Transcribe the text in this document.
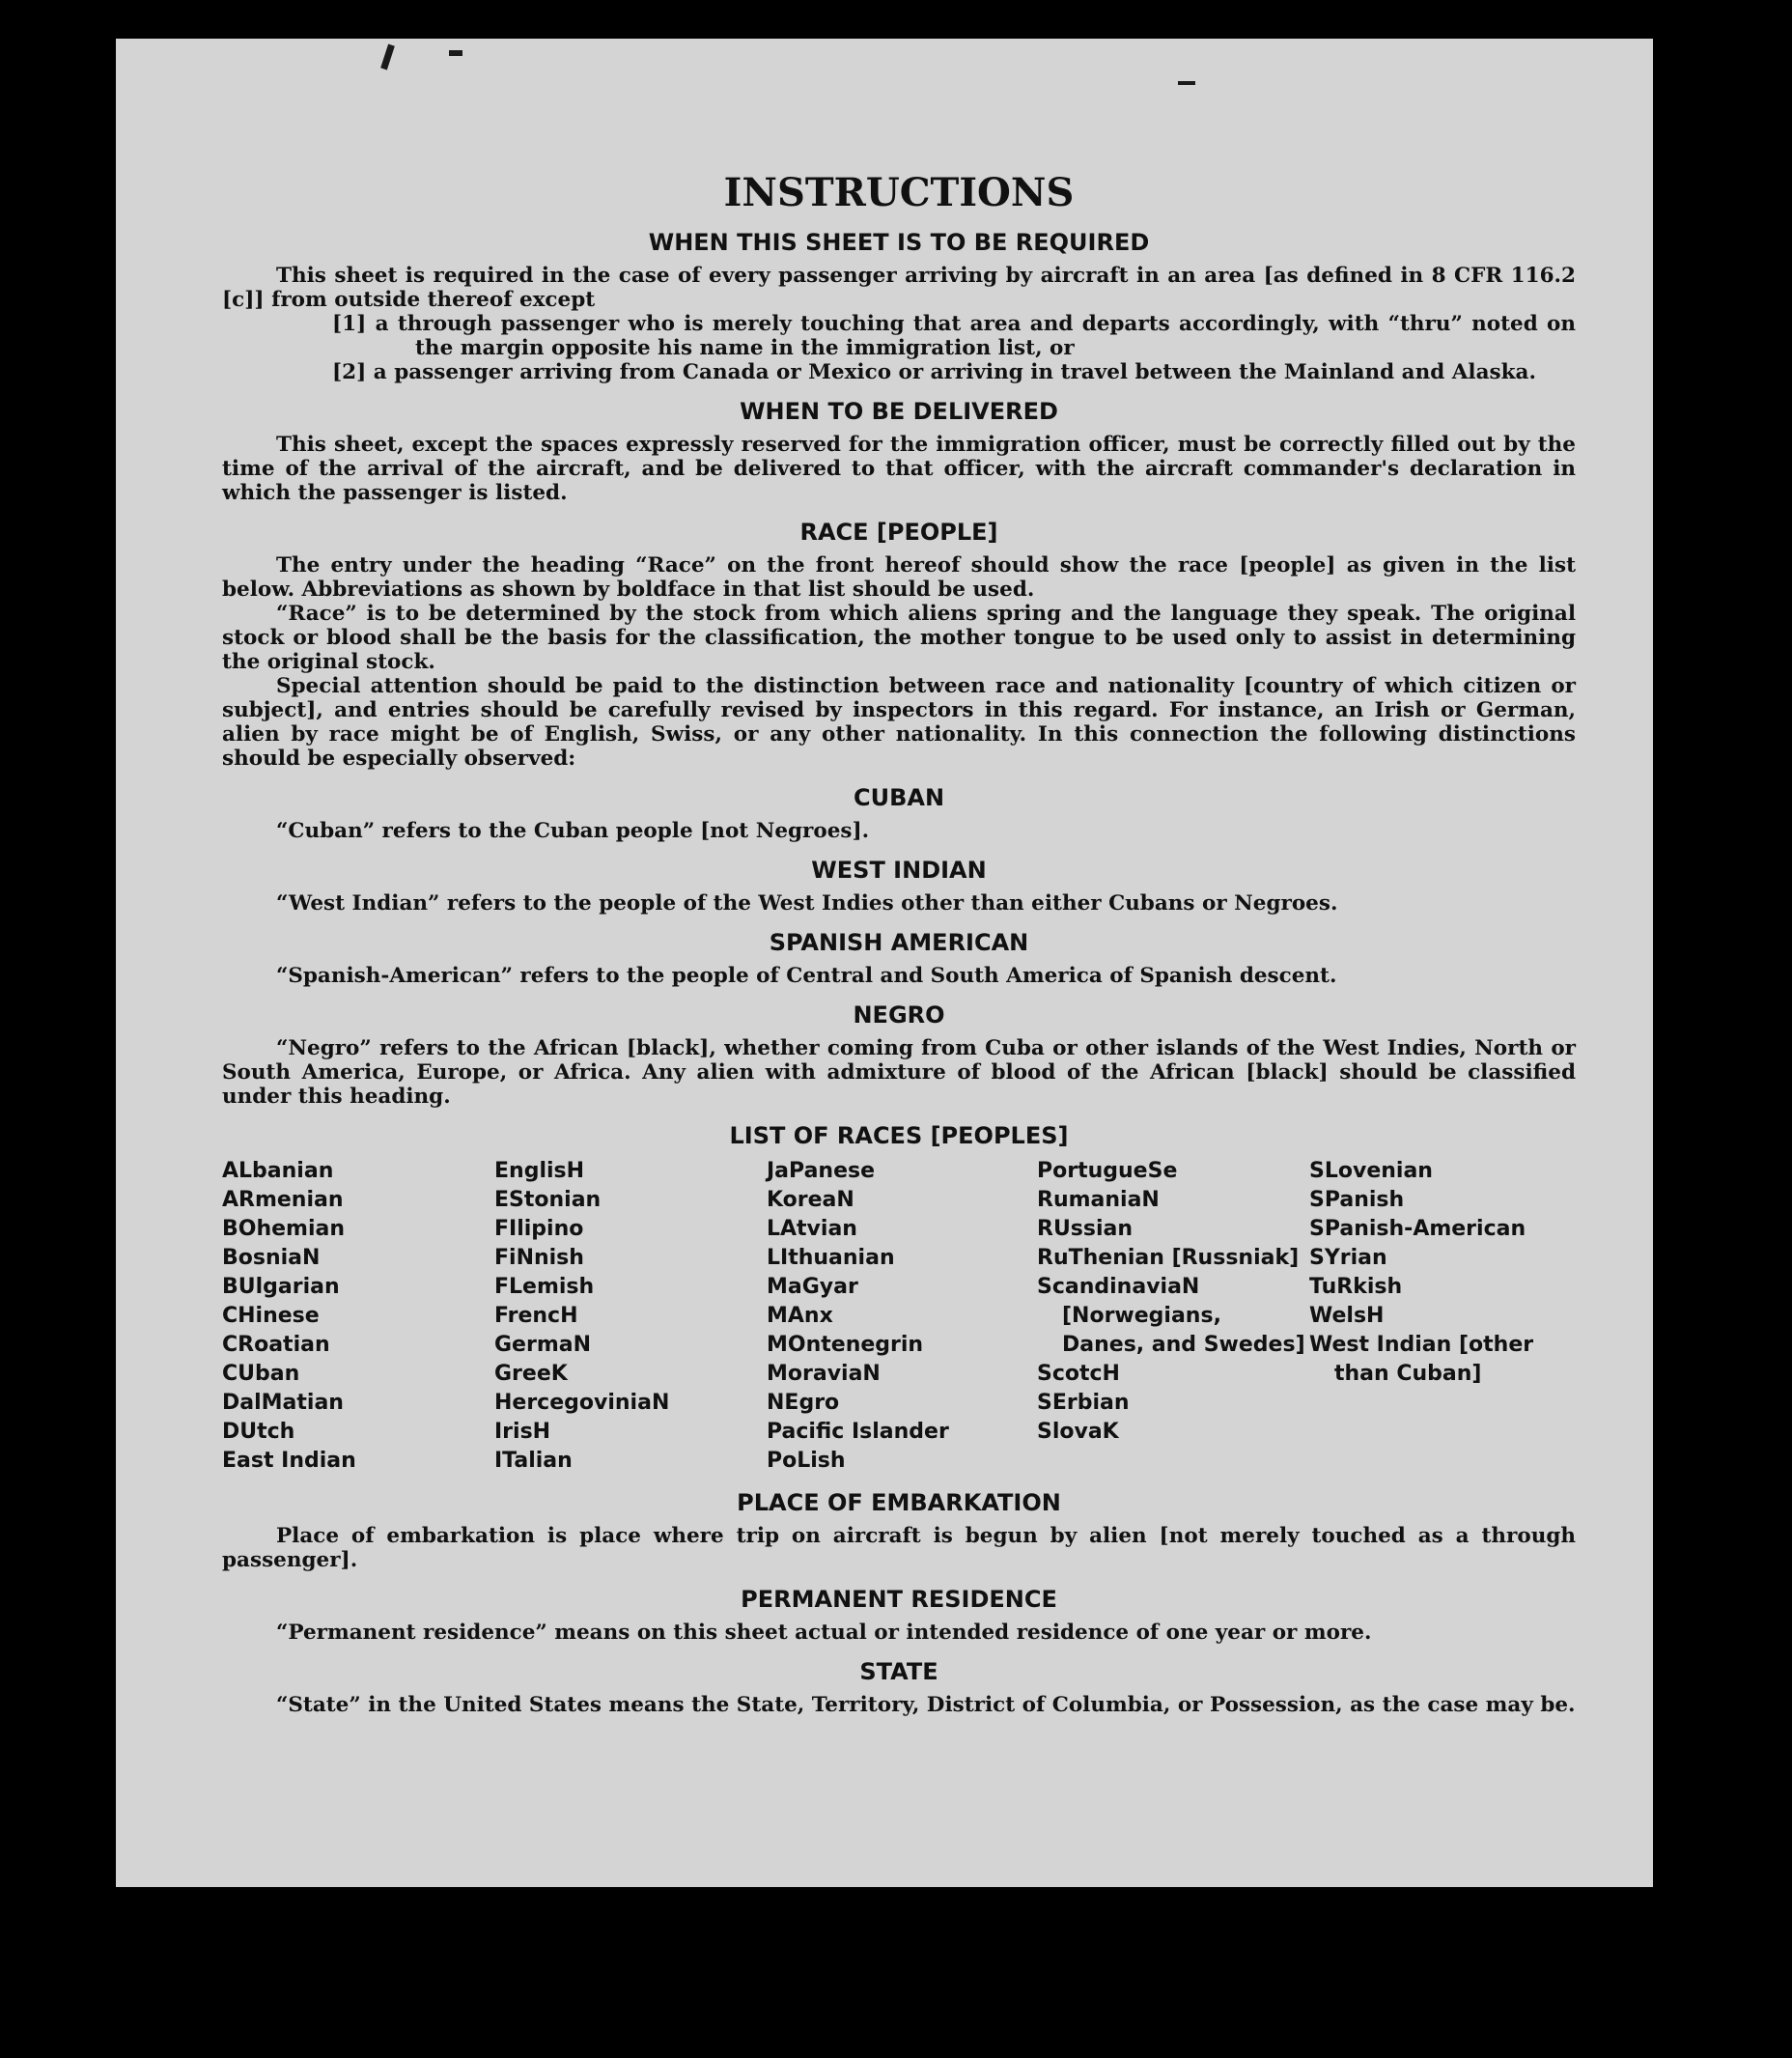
INSTRUCTIONS
WHEN THIS SHEET IS TO BE REQUIRED

This sheet is required in the case of every passenger arriving by aircraft in an area [as defined in 8 CFR 116.2 [c]] from outside thereof except

[1] a through passenger who is merely touching that area and departs accordingly, with “thru” noted on the margin opposite his name in the immigration list, or
[2] a passenger arriving from Canada or Mexico or arriving in travel between the Mainland and Alaska.
WHEN TO BE DELIVERED

This sheet, except the spaces expressly reserved for the immigration officer, must be correctly filled out by the time of the arrival of the aircraft, and be delivered to that officer, with the aircraft commander's declaration in which the passenger is listed.

RACE [PEOPLE]

The entry under the heading “Race” on the front hereof should show the race [people] as given in the list below. Abbreviations as shown by boldface in that list should be used.

“Race” is to be determined by the stock from which aliens spring and the language they speak. The original stock or blood shall be the basis for the classification, the mother tongue to be used only to assist in determining the original stock.

Special attention should be paid to the distinction between race and nationality [country of which citizen or subject], and entries should be carefully revised by inspectors in this regard. For instance, an Irish or German, alien by race might be of English, Swiss, or any other nationality. In this connection the following distinctions should be especially observed:

CUBAN

“Cuban” refers to the Cuban people [not Negroes].

WEST INDIAN

“West Indian” refers to the people of the West Indies other than either Cubans or Negroes.

SPANISH AMERICAN

“Spanish-American” refers to the people of Central and South America of Spanish descent.

NEGRO

“Negro” refers to the African [black], whether coming from Cuba or other islands of the West Indies, North or South America, Europe, or Africa. Any alien with admixture of blood of the African [black] should be classified under this heading.

LIST OF RACES [PEOPLES]
ALbanian
ARmenian
BOhemian
BosniaN
BUlgarian
CHinese
CRoatian
CUban
DalMatian
DUtch
East Indian
EnglisH
EStonian
FIlipino
FiNnish
FLemish
FrencH
GermaN
GreeK
HercegoviniaN
IrisH
ITalian
JaPanese
KoreaN
LAtvian
LIthuanian
MaGyar
MAnx
MOntenegrin
MoraviaN
NEgro
Pacific Islander
PoLish
PortugueSe
RumaniaN
RUssian
RuThenian [Russniak]
ScandinaviaN [Norwegians, Danes, and Swedes]
ScotcH
SErbian
SlovaK
SLovenian
SPanish
SPanish-American
SYrian
TuRkish
WelsH
West Indian [other than Cuban]
PLACE OF EMBARKATION

Place of embarkation is place where trip on aircraft is begun by alien [not merely touched as a through passenger].

PERMANENT RESIDENCE

“Permanent residence” means on this sheet actual or intended residence of one year or more.

STATE

“State” in the United States means the State, Territory, District of Columbia, or Possession, as the case may be.
